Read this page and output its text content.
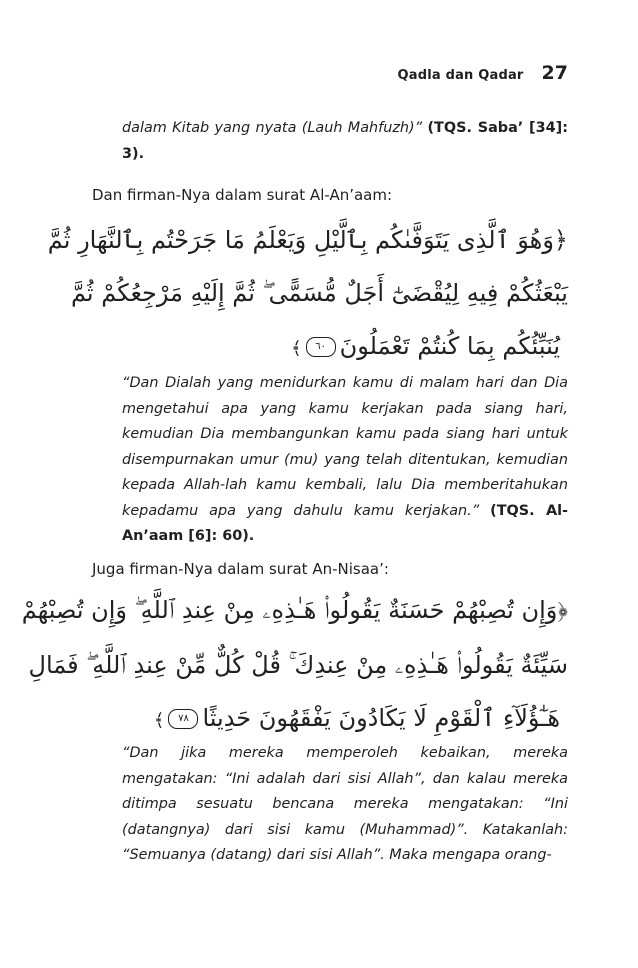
Qadla dan Qadar 27

dalam Kitab yang nyata (Lauh Mahfuzh)” (TQS. Saba’ [34]: 3).

Dan firman-Nya dalam surat Al-An’aam:

﴿وَهُوَ ٱلَّذِى يَتَوَفَّىٰكُم بِٱلَّيْلِ وَيَعْلَمُ مَا جَرَحْتُم بِٱلنَّهَارِ ثُمَّ
يَبْعَثُكُمْ فِيهِ لِيُقْضَىٰٓ أَجَلٌ مُّسَمًّى ۖ ثُمَّ إِلَيْهِ مَرْجِعُكُمْ ثُمَّ
يُنَبِّئُكُم بِمَا كُنتُمْ تَعْمَلُونَ٦٠﴾

“Dan Dialah yang menidurkan kamu di malam hari dan Dia mengetahui apa yang kamu kerjakan pada siang hari, kemudian Dia membangunkan kamu pada siang hari untuk disempurnakan umur (mu) yang telah ditentukan, kemudian kepada Allah-lah kamu kembali, lalu Dia memberitahukan kepadamu apa yang dahulu kamu kerjakan.” (TQS. Al-An’aam [6]: 60).

Juga firman-Nya dalam surat An-Nisaa’:

﴿وَإِن تُصِبْهُمْ حَسَنَةٌ يَقُولُوا۟ هَـٰذِهِۦ مِنْ عِندِ ٱللَّهِ ۖ وَإِن تُصِبْهُمْ
سَيِّئَةٌ يَقُولُوا۟ هَـٰذِهِۦ مِنْ عِندِكَ ۚ قُلْ كُلٌّ مِّنْ عِندِ ٱللَّهِ ۖ فَمَالِ
هَـٰٓؤُلَآءِ ٱلْقَوْمِ لَا يَكَادُونَ يَفْقَهُونَ حَدِيثًا٧٨﴾

“Dan jika mereka memperoleh kebaikan, mereka mengatakan: “Ini adalah dari sisi Allah”, dan kalau mereka ditimpa sesuatu bencana mereka mengatakan: “Ini (datangnya) dari sisi kamu (Muhammad)”. Katakanlah: “Semuanya (datang) dari sisi Allah”. Maka mengapa orang-
